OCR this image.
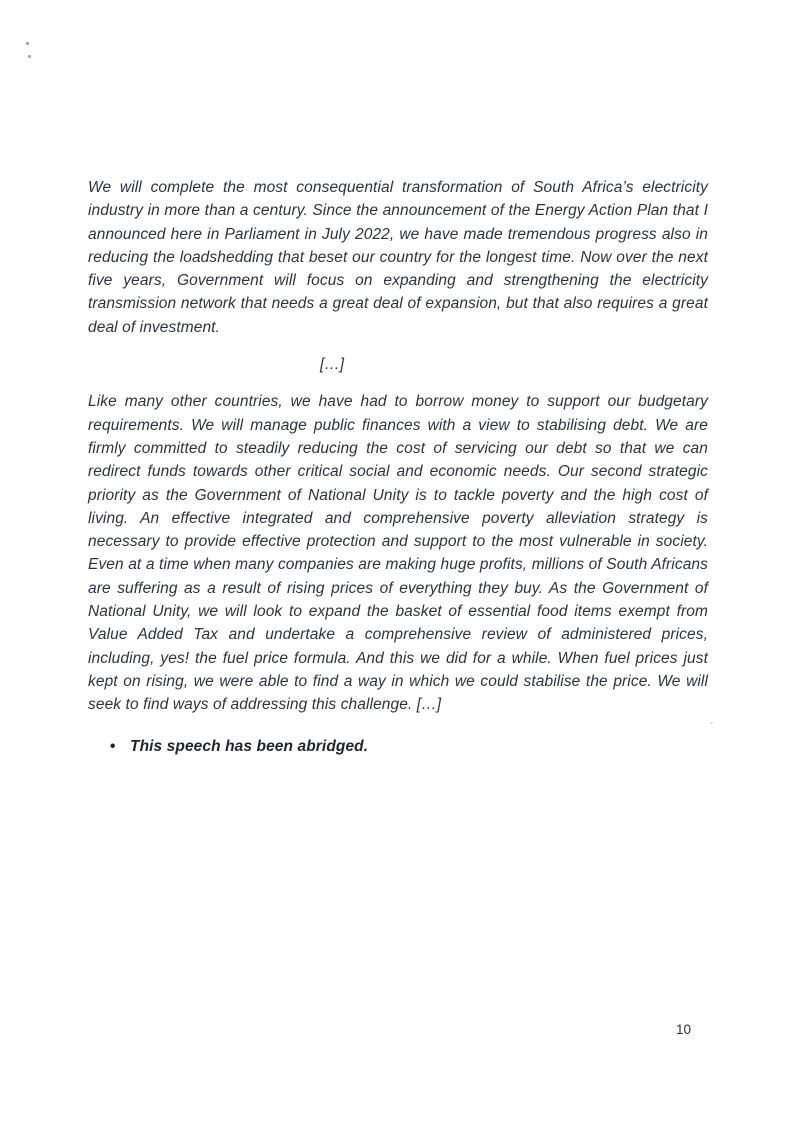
We will complete the most consequential transformation of South Africa’s electricity industry in more than a century. Since the announcement of the Energy Action Plan that I announced here in Parliament in July 2022, we have made tremendous progress also in reducing the loadshedding that beset our country for the longest time. Now over the next five years, Government will focus on expanding and strengthening the electricity transmission network that needs a great deal of expansion, but that also requires a great deal of investment.

[…]

Like many other countries, we have had to borrow money to support our budgetary requirements. We will manage public finances with a view to stabilising debt. We are firmly committed to steadily reducing the cost of servicing our debt so that we can redirect funds towards other critical social and economic needs. Our second strategic priority as the Government of National Unity is to tackle poverty and the high cost of living. An effective integrated and comprehensive poverty alleviation strategy is necessary to provide effective protection and support to the most vulnerable in society. Even at a time when many companies are making huge profits, millions of South Africans are suffering as a result of rising prices of everything they buy. As the Government of National Unity, we will look to expand the basket of essential food items exempt from Value Added Tax and undertake a comprehensive review of administered prices, including, yes! the fuel price formula. And this we did for a while. When fuel prices just kept on rising, we were able to find a way in which we could stabilise the price. We will seek to find ways of addressing this challenge. […]

• This speech has been abridged.
10
